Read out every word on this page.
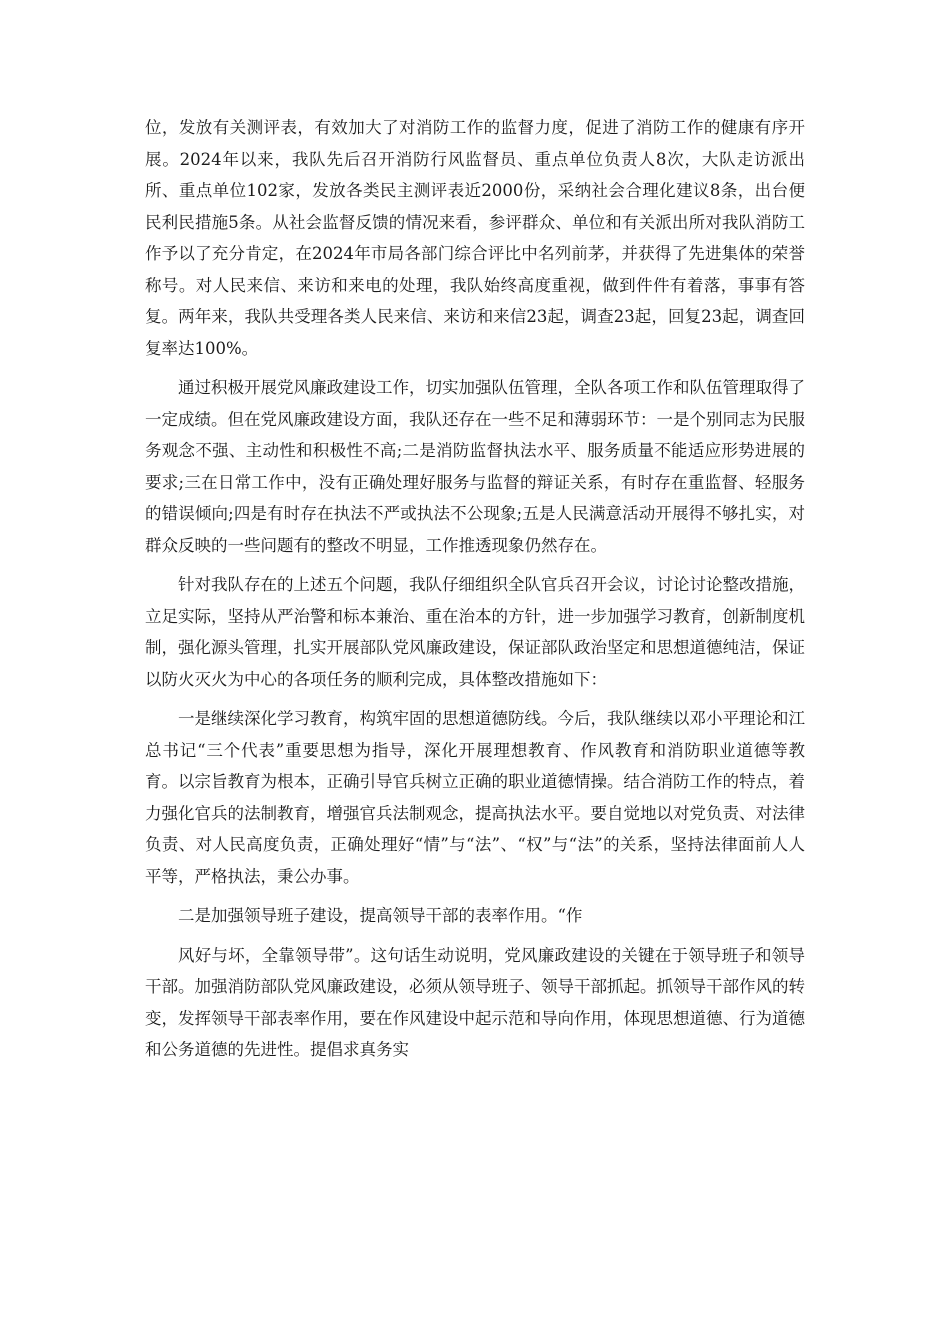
位，发放有关测评表，有效加大了对消防工作的监督力度，促进了消防工作的健康有序开展。2024年以来，我队先后召开消防行风监督员、重点单位负责人8次，大队走访派出所、重点单位102家，发放各类民主测评表近2000份，采纳社会合理化建议8条，出台便民利民措施5条。从社会监督反馈的情况来看，参评群众、单位和有关派出所对我队消防工作予以了充分肯定，在2024年市局各部门综合评比中名列前茅，并获得了先进集体的荣誉称号。对人民来信、来访和来电的处理，我队始终高度重视，做到件件有着落，事事有答复。两年来，我队共受理各类人民来信、来访和来信23起，调查23起，回复23起，调查回复率达100%。

通过积极开展党风廉政建设工作，切实加强队伍管理，全队各项工作和队伍管理取得了一定成绩。但在党风廉政建设方面，我队还存在一些不足和薄弱环节：一是个别同志为民服务观念不强、主动性和积极性不高;二是消防监督执法水平、服务质量不能适应形势进展的要求;三在日常工作中，没有正确处理好服务与监督的辩证关系，有时存在重监督、轻服务的错误倾向;四是有时存在执法不严或执法不公现象;五是人民满意活动开展得不够扎实，对群众反映的一些问题有的整改不明显，工作推透现象仍然存在。

针对我队存在的上述五个问题，我队仔细组织全队官兵召开会议，讨论讨论整改措施，立足实际，坚持从严治警和标本兼治、重在治本的方针，进一步加强学习教育，创新制度机制，强化源头管理，扎实开展部队党风廉政建设，保证部队政治坚定和思想道德纯洁，保证以防火灭火为中心的各项任务的顺利完成，具体整改措施如下：

一是继续深化学习教育，构筑牢固的思想道德防线。今后，我队继续以邓小平理论和江总书记“三个代表”重要思想为指导，深化开展理想教育、作风教育和消防职业道德等教育。以宗旨教育为根本，正确引导官兵树立正确的职业道德情操。结合消防工作的特点，着力强化官兵的法制教育，增强官兵法制观念，提高执法水平。要自觉地以对党负责、对法律负责、对人民高度负责，正确处理好“情”与“法”、“权”与“法”的关系，坚持法律面前人人平等，严格执法，秉公办事。

二是加强领导班子建设，提高领导干部的表率作用。“作

风好与坏，全靠领导带”。这句话生动说明，党风廉政建设的关键在于领导班子和领导干部。加强消防部队党风廉政建设，必须从领导班子、领导干部抓起。抓领导干部作风的转变，发挥领导干部表率作用，要在作风建设中起示范和导向作用，体现思想道德、行为道德和公务道德的先进性。提倡求真务实
